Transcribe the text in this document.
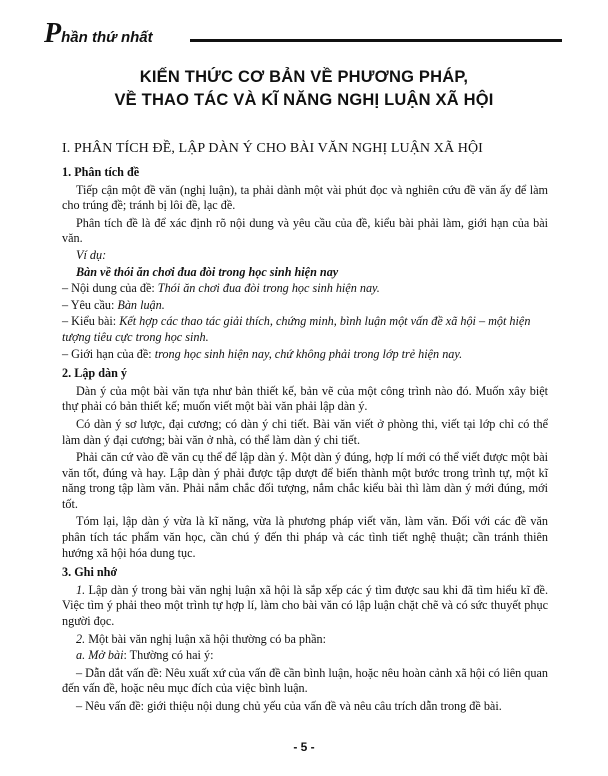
Phần thứ nhất
KIẾN THỨC CƠ BẢN VỀ PHƯƠNG PHÁP,
VỀ THAO TÁC VÀ KĨ NĂNG NGHỊ LUẬN XÃ HỘI
I. PHÂN TÍCH ĐỀ, LẬP DÀN Ý CHO BÀI VĂN NGHỊ LUẬN XÃ HỘI
1. Phân tích đề
Tiếp cận một đề văn (nghị luận), ta phải dành một vài phút đọc và nghiên cứu đề văn ấy để làm cho trúng đề; tránh bị lôi đề, lạc đề.
Phân tích đề là để xác định rõ nội dung và yêu cầu của đề, kiểu bài phải làm, giới hạn của bài văn.
Ví dụ:
Bàn về thói ăn chơi đua đòi trong học sinh hiện nay
– Nội dung của đề: Thói ăn chơi đua đòi trong học sinh hiện nay.
– Yêu cầu: Bàn luận.
– Kiểu bài: Kết hợp các thao tác giải thích, chứng minh, bình luận một vấn đề xã hội – một hiện tượng tiêu cực trong học sinh.
– Giới hạn của đề: trong học sinh hiện nay, chứ không phải trong lớp trẻ hiện nay.
2. Lập dàn ý
Dàn ý của một bài văn tựa như bản thiết kế, bản vẽ của một công trình nào đó. Muốn xây biệt thự phải có bản thiết kế; muốn viết một bài văn phải lập dàn ý.
Có dàn ý sơ lược, đại cương; có dàn ý chi tiết. Bài văn viết ở phòng thi, viết tại lớp chỉ có thể làm dàn ý đại cương; bài văn ở nhà, có thể làm dàn ý chi tiết.
Phải căn cứ vào đề văn cụ thể để lập dàn ý. Một dàn ý đúng, hợp lí mới có thể viết được một bài văn tốt, đúng và hay. Lập dàn ý phải được tập dượt để biến thành một bước trong trình tự, một kĩ năng trong tập làm văn. Phải nắm chắc đối tượng, nắm chắc kiểu bài thì làm dàn ý mới đúng, mới tốt.
Tóm lại, lập dàn ý vừa là kĩ năng, vừa là phương pháp viết văn, làm văn. Đối với các đề văn phân tích tác phẩm văn học, cần chú ý đến thi pháp và các tình tiết nghệ thuật; cần tránh thiên hướng xã hội hóa dung tục.
3. Ghi nhớ
1. Lập dàn ý trong bài văn nghị luận xã hội là sắp xếp các ý tìm được sau khi đã tìm hiểu kĩ đề. Việc tìm ý phải theo một trình tự hợp lí, làm cho bài văn có lập luận chặt chẽ và có sức thuyết phục người đọc.
2. Một bài văn nghị luận xã hội thường có ba phần:
a. Mở bài: Thường có hai ý:
– Dẫn dắt vấn đề: Nêu xuất xứ của vấn đề cần bình luận, hoặc nêu hoàn cảnh xã hội có liên quan đến vấn đề, hoặc nêu mục đích của việc bình luận.
– Nêu vấn đề: giới thiệu nội dung chủ yếu của vấn đề và nêu câu trích dẫn trong đề bài.
- 5 -
